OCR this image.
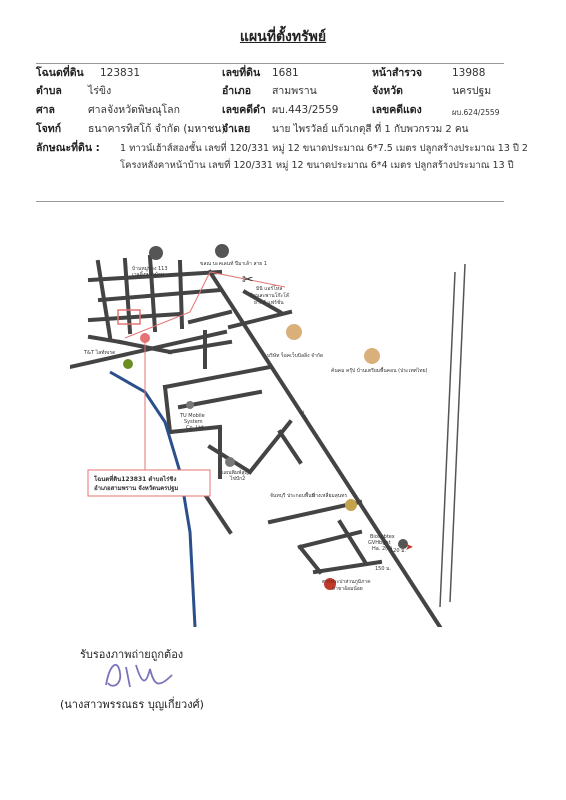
แผนที่ตั้งทรัพย์
โฉนดที่ดิน 123831	เลขที่ดิน 1681	หน้าสำรวจ	13988
ตำบล ไร่ขิง	อำเภอ สามพราน	จังหวัด	นครปฐม
ศาล	ศาลจังหวัดพิษณุโลก	เลขคดีดำ ผบ.443/2559	เลขคดีแดง	ผบ.624/2559
โจทก์	ธนาคารทิสโก้ จำกัด (มหาชน)
จำเลย นาย ไพรวัลย์ แก้วเกตุสี ที่ 1 กับพวกรวม 2 คน
ลักษณะที่ดิน : 1 ทาวน์เฮ้าส์สองชั้น เลขที่ 120/331 หมู่ 12 ขนาดประมาณ 6*7.5 เมตร ปลูกสร้างประมาณ 13 ปี 2
โครงหลังคาหน้าบ้าน เลขที่ 120/331 หมู่ 12 ขนาดประมาณ 6*4 เมตร ปลูกสร้างประมาณ 13 ปี
✂
➤
บ้านหมู่บาง 113
เวลดิ้งหน้าบ้าน
ขลณ บะคเลนท์ ปีมาเล้า สาย 1
มินิ แอร์โหล
ก้อนสะพานโก๊ะโล๊
ยากส์ แฟร์ชั่น
T&T ไลท์ทเรด	บริษัท ร็อคเว็บบิลลิ่ง จำกัด
ค้นคม ครุ๊ป บ้านเตรียมพื้นคอน (ประเทศไทย)
TU Mobile
System
Co.,Ltd.
แผนพิมพ์สูญ
ไข่ปัก2
จันทบุรี ประกอบพื้นที่
บางเหลี่ยมสุนทร
Biosubtex
GVHbgnt
Ha. 2(n)
ตารประปาส่วนภูมิภาค
สาขาอ้อมน้อย
2 กม.
150 ม.
120 ม.
โฉนดที่ดิน123831 ตำบลไร่ขิง
อำเภอสามพราน จังหวัดนครปฐม
รับรองภาพถ่ายถูกต้อง
(นางสาวพรรณธร บุญเกี่ยวงศ์)
